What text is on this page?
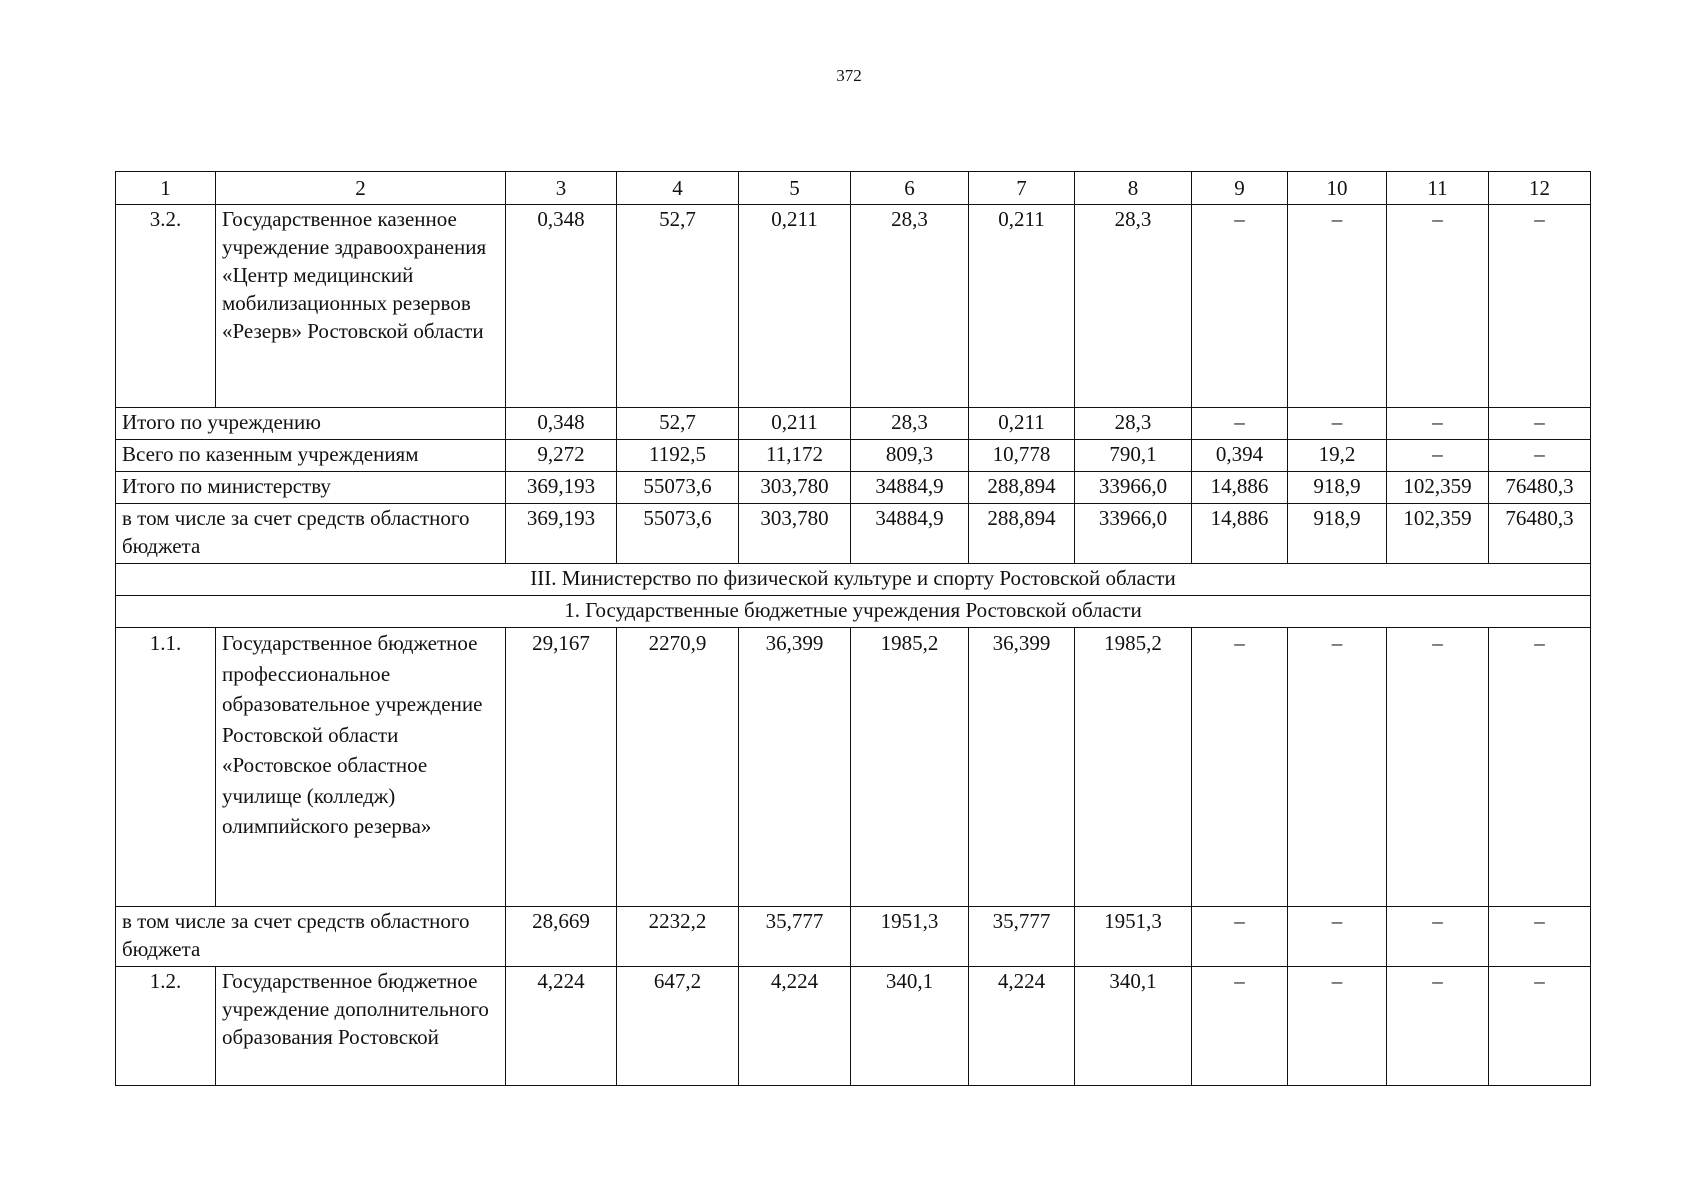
372
1	2	3	4	5	6	7	8	9	10	11	12
3.2.	Государственное казенное учреждение здравоохранения «Центр медицинский мобилизационных резервов «Резерв» Ростовской области	0,348	52,7	0,211	28,3	0,211	28,3	–	–	–	–
Итого по учреждению		0,348	52,7	0,211	28,3	0,211	28,3	–	–	–	–
Всего по казенным учреждениям		9,272	1192,5	11,172	809,3	10,778	790,1	0,394	19,2	–	–
Итого по министерству		369,193	55073,6	303,780	34884,9	288,894	33966,0	14,886	918,9	102,359	76480,3
в том числе за счет средств областного бюджета		369,193	55073,6	303,780	34884,9	288,894	33966,0	14,886	918,9	102,359	76480,3
III. Министерство по физической культуре и спорту Ростовской области											
1. Государственные бюджетные учреждения Ростовской области											
1.1.	Государственное бюджетное профессиональное образовательное учреждение Ростовской области «Ростовское областное училище (колледж) олимпийского резерва»	29,167	2270,9	36,399	1985,2	36,399	1985,2	–	–	–	–
в том числе за счет средств областного бюджета		28,669	2232,2	35,777	1951,3	35,777	1951,3	–	–	–	–
1.2.	Государственное бюджетное учреждение дополнительного образования Ростовской	4,224	647,2	4,224	340,1	4,224	340,1	–	–	–	–
